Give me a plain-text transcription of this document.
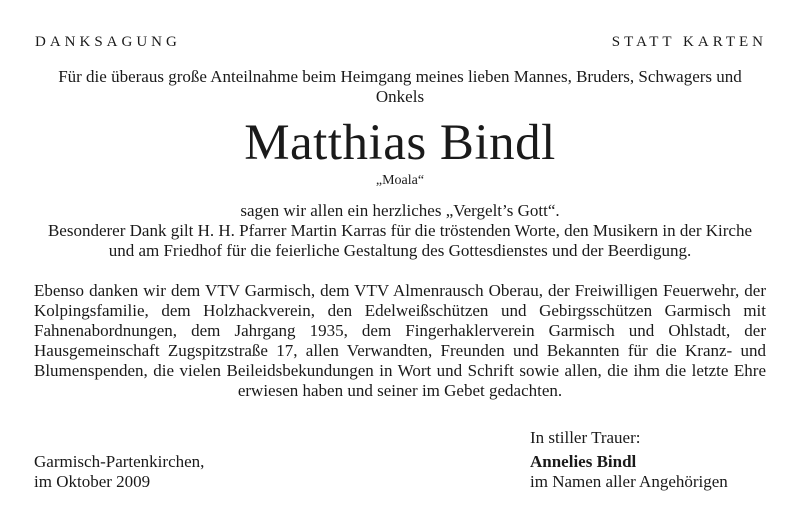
DANKSAGUNG	STATT KARTEN
Für die überaus große Anteilnahme beim Heimgang meines lieben Mannes, Bruders, Schwagers und Onkels
Matthias Bindl
„Moala“
sagen wir allen ein herzliches „Vergelt’s Gott“.
Besonderer Dank gilt H. H. Pfarrer Martin Karras für die tröstenden Worte, den Musikern in der Kirche und am Friedhof für die feierliche Gestaltung des Gottesdienstes und der Beerdigung.
Ebenso danken wir dem VTV Garmisch, dem VTV Almenrausch Oberau, der Freiwilligen Feuerwehr, der Kolpingsfamilie, dem Holzhackverein, den Edelweißschützen und Gebirgsschützen Garmisch mit Fahnenabordnungen, dem Jahrgang 1935, dem Fingerhaklerverein Garmisch und Ohlstadt, der Hausgemeinschaft Zugspitzstraße 17, allen Verwandten, Freunden und Bekannten für die Kranz- und Blumenspenden, die vielen Beileidsbekundungen in Wort und Schrift sowie allen, die ihm die letzte Ehre erwiesen haben und seiner im Gebet gedachten.
Garmisch-Partenkirchen,
im Oktober 2009
In stiller Trauer:
Annelies Bindl
im Namen aller Angehörigen
